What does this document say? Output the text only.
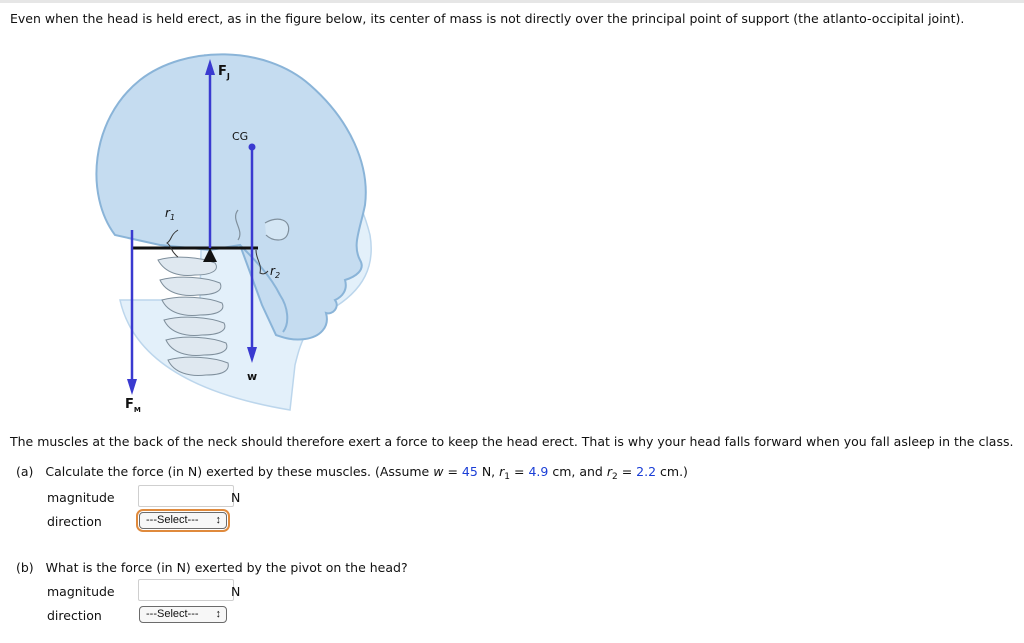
Even when the head is held erect, as in the figure below, its center of mass is not directly over the principal point of support (the atlanto-occipital joint).
$F_J$
CG
$r_1$
$r_2$
w
$F_M$
The muscles at the back of the neck should therefore exert a force to keep the head erect. That is why your head falls forward when you fall asleep in the class.
(a) Calculate the force (in N) exerted by these muscles. (Assume w = 45 N, $r_1 = 4.9$ cm, and $r_2 = 2.2$ cm.)
magnitude	N
direction	---Select--- ↕
(b) What is the force (in N) exerted by the pivot on the head?
magnitude	N
direction	---Select--- ↕
